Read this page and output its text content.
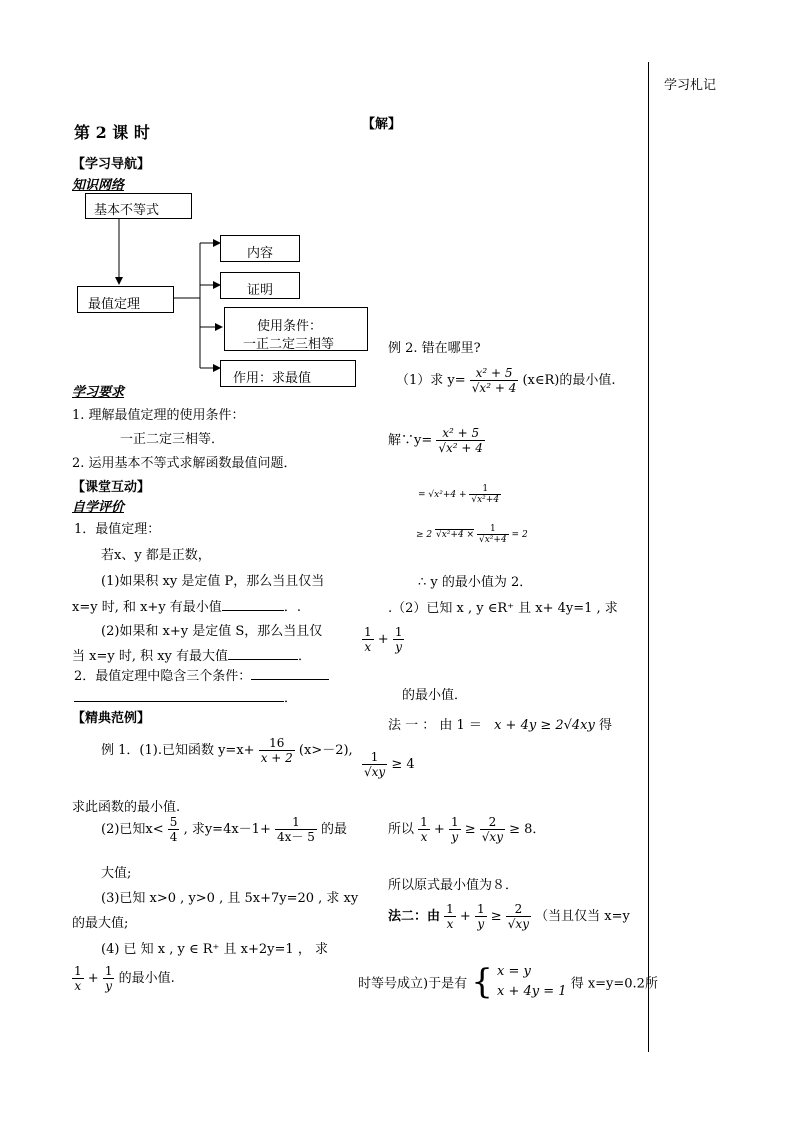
学习札记
第 2 课 时
【学习导航】
知识网络
基本不等式
最值定理
内容
证明
使用条件：
一正二定三相等
作用：求最值
学习要求
1. 理解最值定理的使用条件：
一正二定三相等．
2. 运用基本不等式求解函数最值问题．
【课堂互动】
自学评价
1．最值定理：
若x、y 都是正数，
(1)如果积 xy 是定值 P，那么当且仅当
x=y 时, 和 x+y 有最小值	．.
(2)如果和 x+y 是定值 S，那么当且仅
当 x=y 时, 积 xy 有最大值	．
2．最值定理中隐含三个条件：
．
【精典范例】
例 1．(1).已知函数 $y=x+ \frac{16}{x + 2} (x>-2)$,
求此函数的最小值.
(2)已知$x< \frac{5}{4}$ , 求$y=4x-1+ \frac{1}{4x- 5}$ 的最
大值;
(3)已知 x>0 , y>0 , 且 5x+7y=20 , 求 xy
的最大值;
(4) 已 知 x , y ∈ R⁺ 且 x+2y=1 ， 求
$\frac{1}{x} + \frac{1}{y}$ 的最小值.
【解】
例 2. 错在哪里?
（1）求 $y= \frac{\text{x² + 5}}{\text{√x² + 4}}$ (x∈R)的最小值.
解∵y= $\frac{\text{x² + 5}}{\text{√x² + 4}}$
= $√x^2+4 + \frac{1}{\text{√x²+4}}$
≥ 2 $√x^2+4 \times \frac{1}{\text{√x²+4}} = 2$
∴ y 的最小值为 2．
.（2）已知 x , y ∈R⁺ 且 x+ 4y=1 , 求
$\frac{1}{x} + \frac{1}{y}$
的最小值．
法 一 ： 由 1 ＝ x + 4y ≥ 2√4xy 得
$\frac{1}{√xy} \ge 4$
所以 $\frac{1}{x} + \frac{1}{y} \ge \frac{2}{√xy} \ge 8$．
所以原式最小值为８．
法二：由 $\frac{1}{x} + \frac{1}{y} \ge \frac{2}{√xy}$ （当且仅当 x=y
时等号成立)于是有 { x = y
x + 4y = 1 得 x=y=0.2所
